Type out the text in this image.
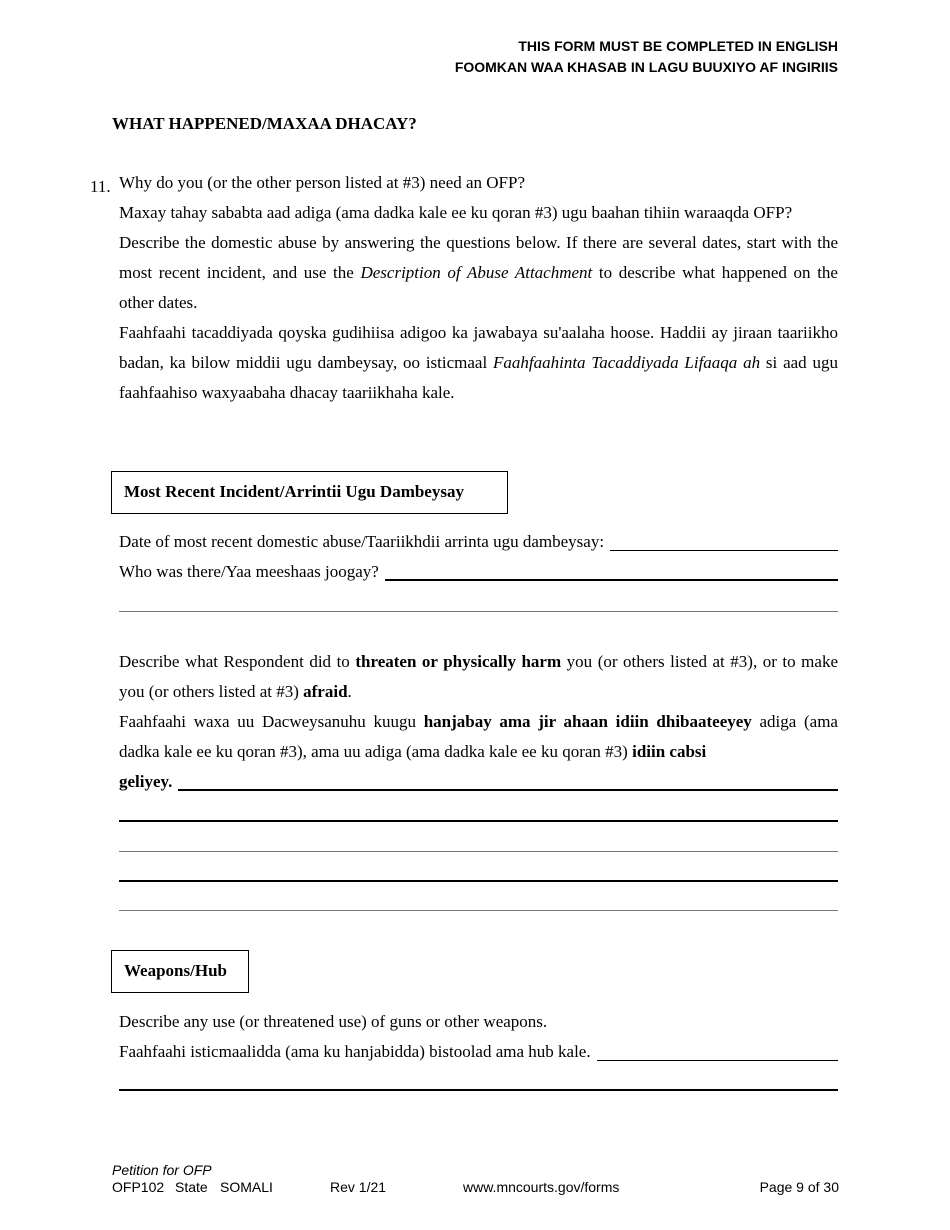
THIS FORM MUST BE COMPLETED IN ENGLISH
FOOMKAN WAA KHASAB IN LAGU BUUXIYO AF INGIRIIS
WHAT HAPPENED/MAXAA DHACAY?
11. Why do you (or the other person listed at #3) need an OFP?

Maxay tahay sababta aad adiga (ama dadka kale ee ku qoran #3) ugu baahan tihiin waraaqda OFP?

Describe the domestic abuse by answering the questions below. If there are several dates, start with the most recent incident, and use the Description of Abuse Attachment to describe what happened on the other dates.

Faahfaahi tacaddiyada qoyska gudihiisa adigoo ka jawabaya su'aalaha hoose. Haddii ay jiraan taariikho badan, ka bilow middii ugu dambeysay, oo isticmaal Faahfaahinta Tacaddiyada Lifaaqa ah si aad ugu faahfaahiso waxyaabaha dhacay taariikhaha kale.

Most Recent Incident/Arrintii Ugu Dambeysay
Date of most recent domestic abuse/Taariikhdii arrinta ugu dambeysay:
Who was there/Yaa meeshaas joogay?

Describe what Respondent did to threaten or physically harm you (or others listed at #3), or to make you (or others listed at #3) afraid.

Faahfaahi waxa uu Dacweysanuhu kuugu hanjabay ama jir ahaan idiin dhibaateeyey adiga (ama dadka kale ee ku qoran #3), ama uu adiga (ama dadka kale ee ku qoran #3) idiin cabsi

geliyey.
Weapons/Hub
Describe any use (or threatened use) of guns or other weapons.
Faahfaahi isticmaalidda (ama ku hanjabidda) bistoolad ama hub kale.
Petition for OFP
OFP102 State SOMALI	Rev 1/21	www.mncourts.gov/forms	Page 9 of 30
